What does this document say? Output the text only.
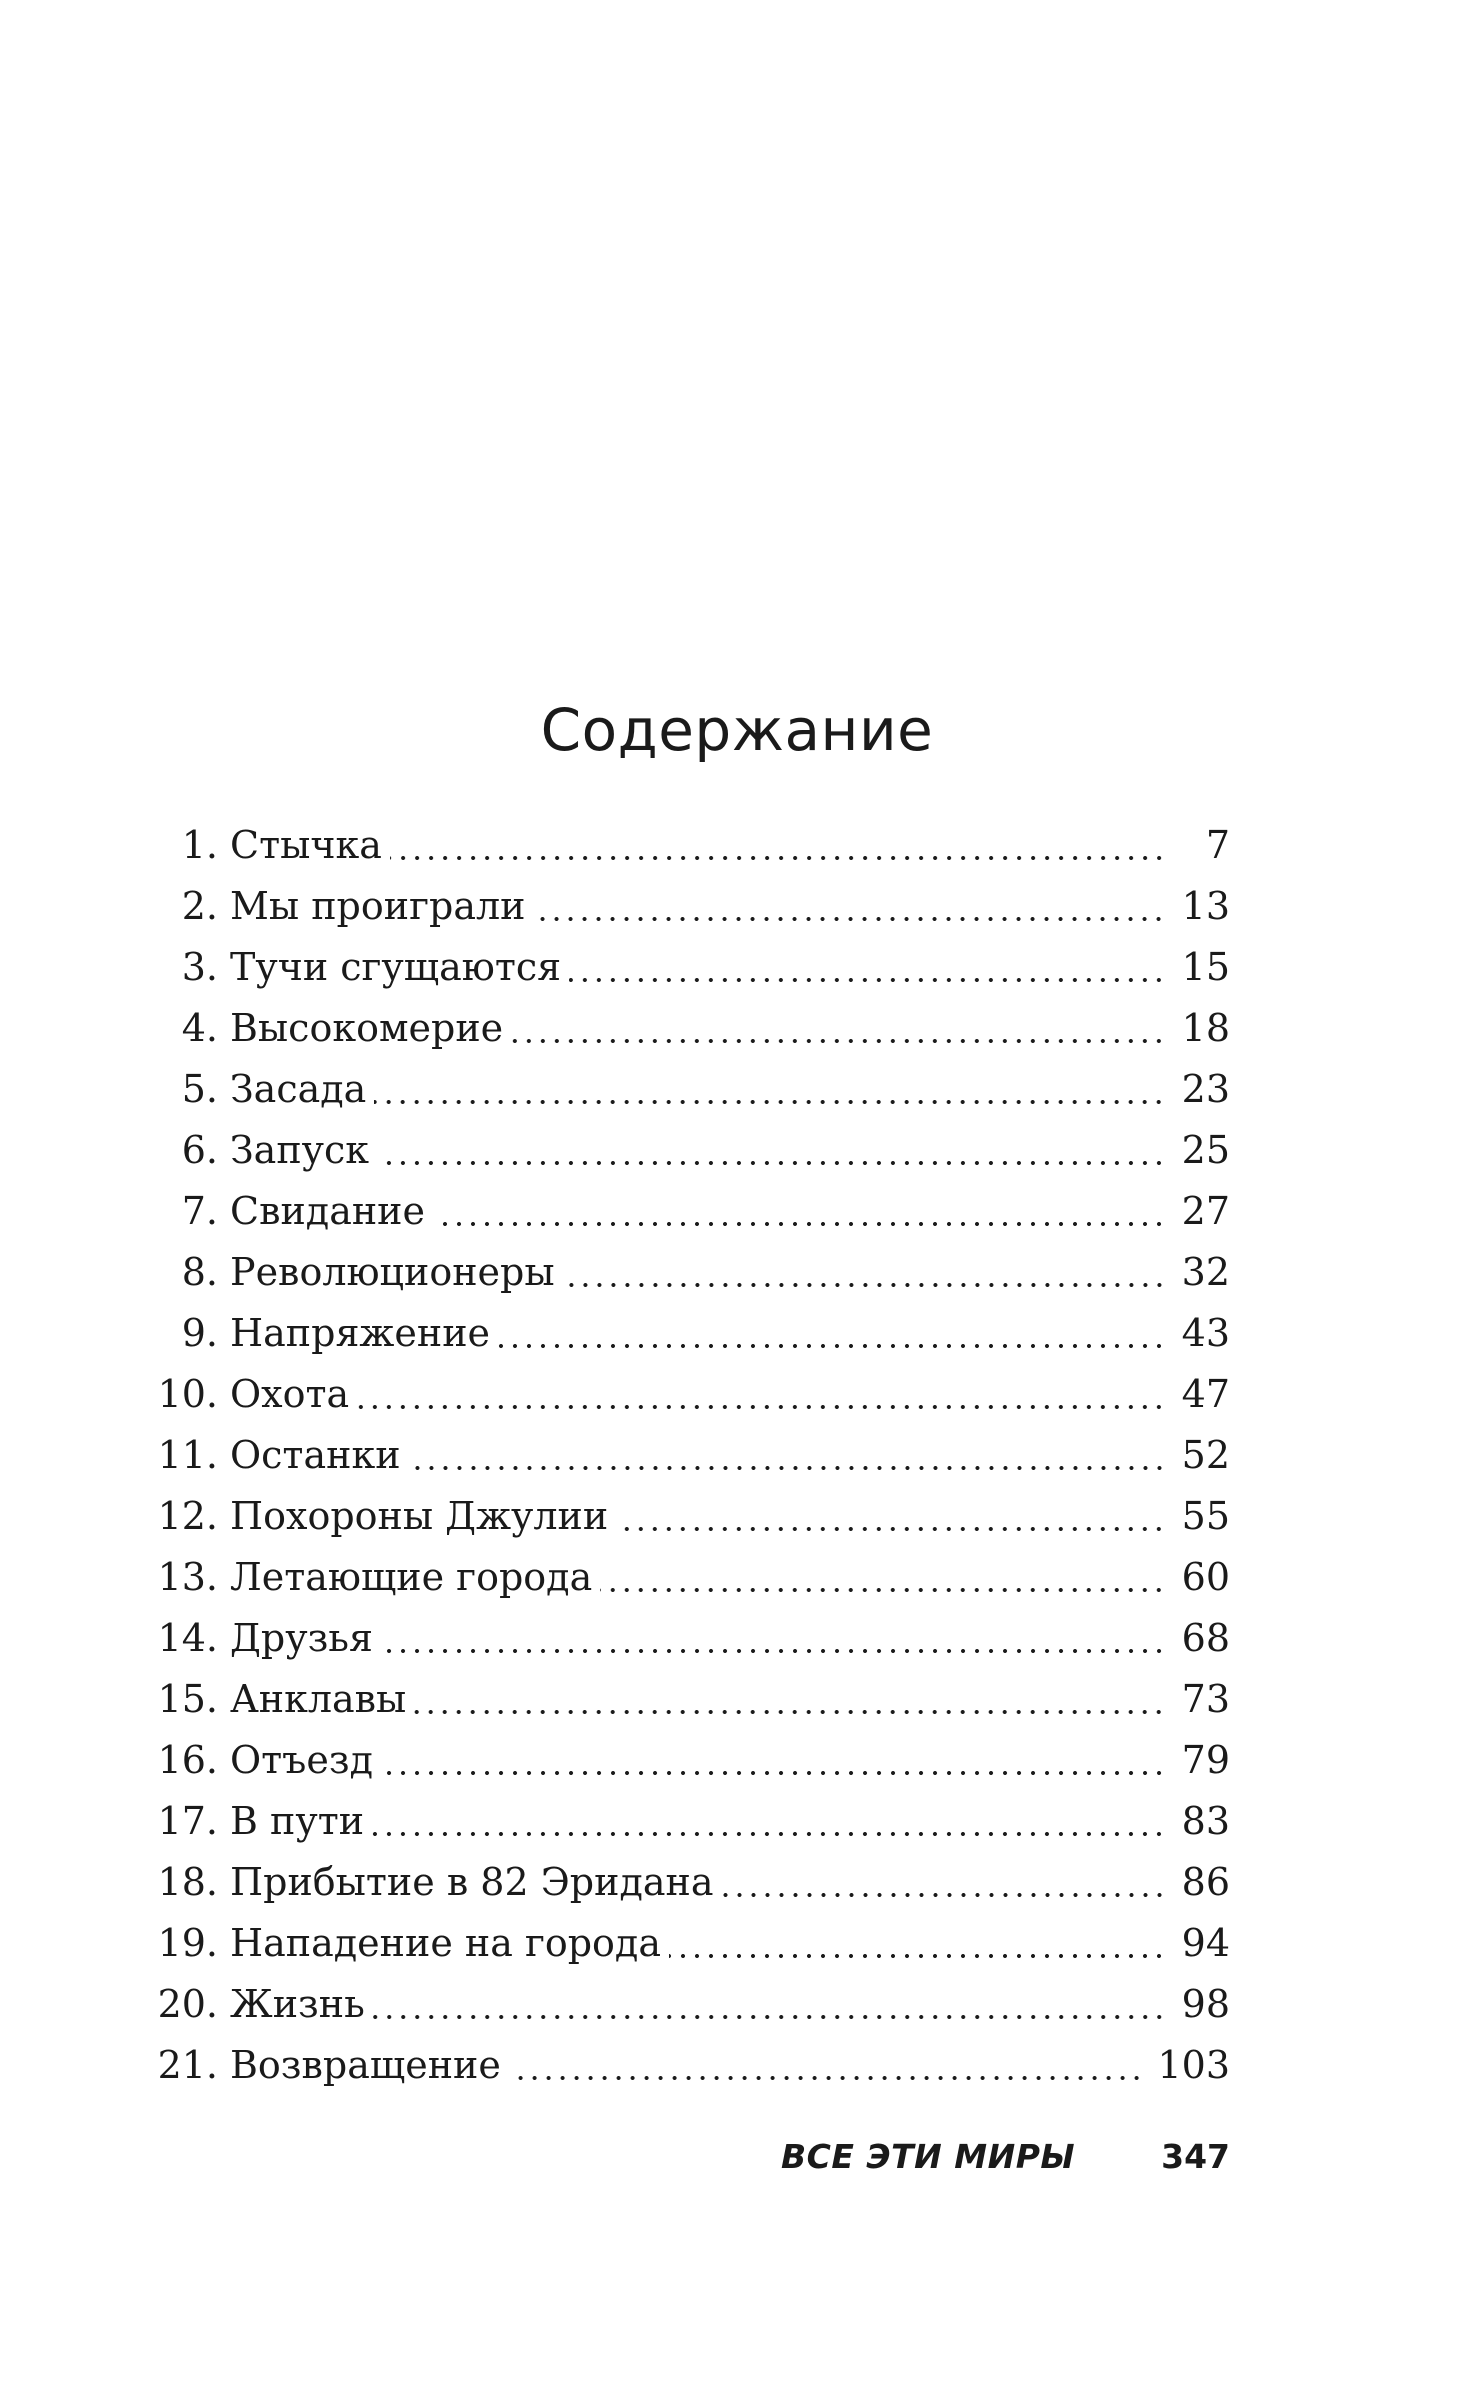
Содержание
1. Стычка	7
2. Мы проиграли	13
3. Тучи сгущаются	15
4. Высокомерие	18
5. Засада	23
6. Запуск	25
7. Свидание	27
8. Революционеры	32
9. Напряжение	43
10. Охота	47
11. Останки	52
12. Похороны Джулии	55
13. Летающие города	60
14. Друзья	68
15. Анклавы	73
16. Отъезд	79
17. В пути	83
18. Прибытие в 82 Эридана	86
19. Нападение на города	94
20. Жизнь	98
21. Возвращение	103
ВСЕ ЭТИ МИРЫ	347
